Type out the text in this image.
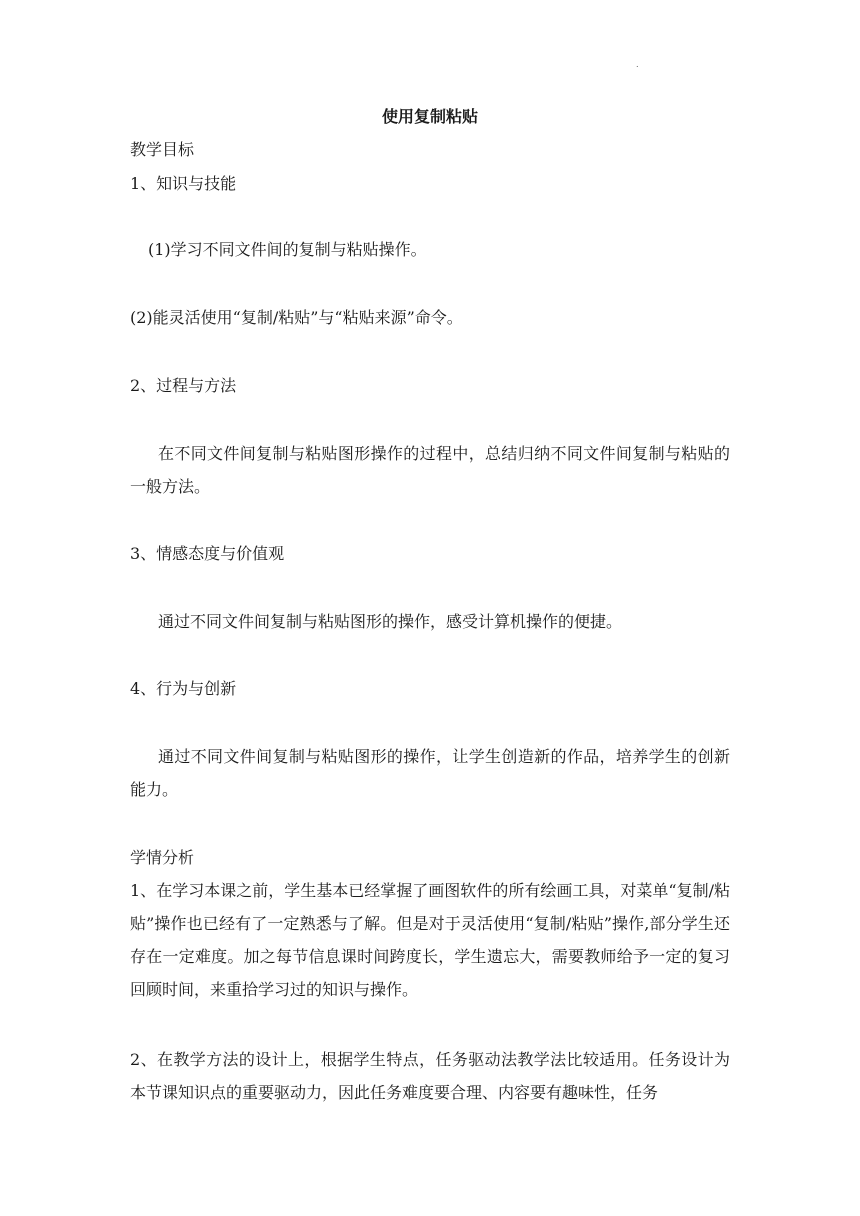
.
使用复制粘贴
教学目标
1、知识与技能
(1)学习不同文件间的复制与粘贴操作。
(2)能灵活使用“复制/粘贴”与“粘贴来源”命令。
2、过程与方法
在不同文件间复制与粘贴图形操作的过程中，总结归纳不同文件间复制与粘贴的一般方法。
3、情感态度与价值观
通过不同文件间复制与粘贴图形的操作，感受计算机操作的便捷。
4、行为与创新
通过不同文件间复制与粘贴图形的操作，让学生创造新的作品，培养学生的创新能力。
学情分析
1、在学习本课之前，学生基本已经掌握了画图软件的所有绘画工具，对菜单“复制/粘贴”操作也已经有了一定熟悉与了解。但是对于灵活使用“复制/粘贴”操作,部分学生还存在一定难度。加之每节信息课时间跨度长，学生遗忘大，需要教师给予一定的复习回顾时间，来重拾学习过的知识与操作。
2、在教学方法的设计上，根据学生特点，任务驱动法教学法比较适用。任务设计为本节课知识点的重要驱动力，因此任务难度要合理、内容要有趣味性，任务
